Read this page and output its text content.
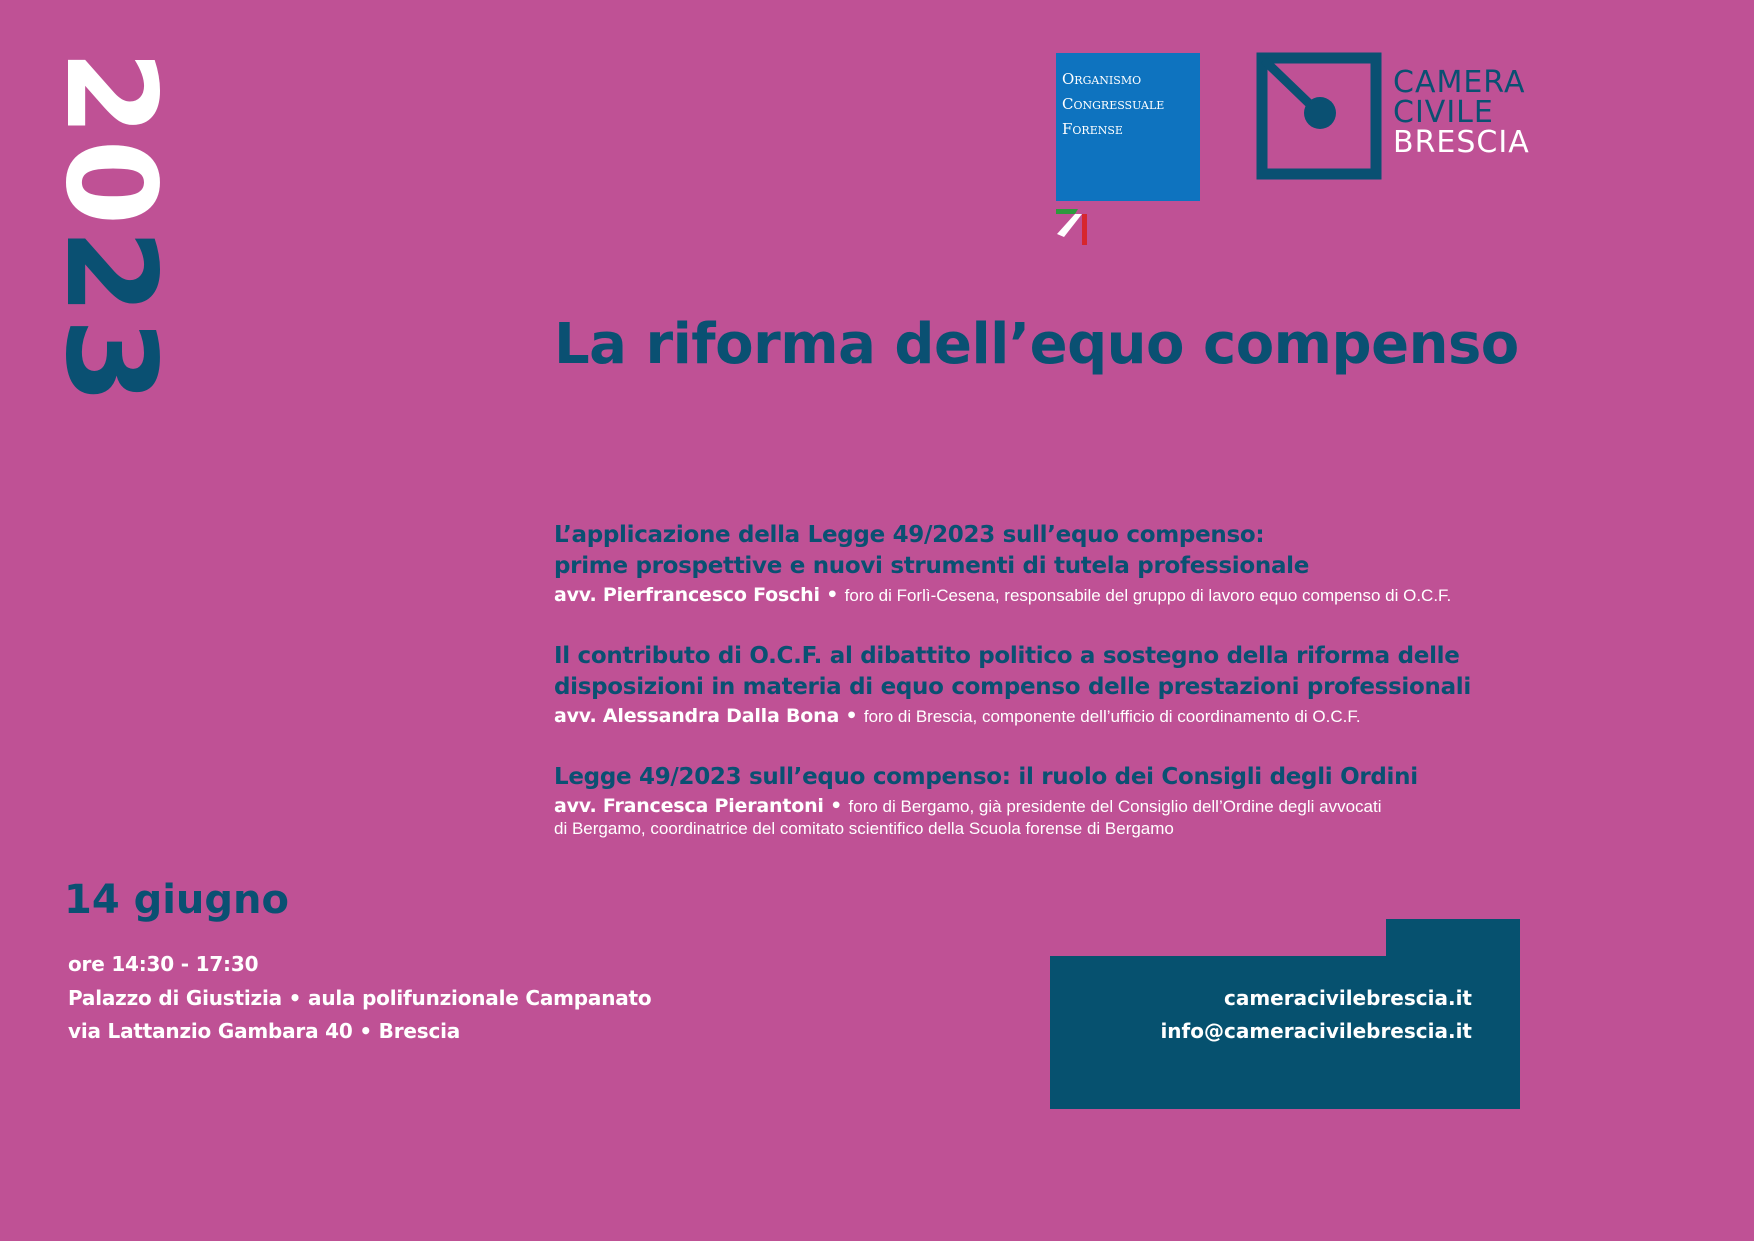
2023
Organismo
Congressuale
Forense
CAMERA
CIVILE
BRESCIA
La riforma dell’equo compenso
L’applicazione della Legge 49/2023 sull’equo compenso:
prime prospettive e nuovi strumenti di tutela professionale
avv. Pierfrancesco Foschi • foro di Forlì-Cesena, responsabile del gruppo di lavoro equo compenso di O.C.F.
Il contributo di O.C.F. al dibattito politico a sostegno della riforma delle
disposizioni in materia di equo compenso delle prestazioni professionali
avv. Alessandra Dalla Bona • foro di Brescia, componente dell’ufficio di coordinamento di O.C.F.
Legge 49/2023 sull’equo compenso: il ruolo dei Consigli degli Ordini
avv. Francesca Pierantoni • foro di Bergamo, già presidente del Consiglio dell’Ordine degli avvocati
di Bergamo, coordinatrice del comitato scientifico della Scuola forense di Bergamo
14 giugno
ore 14:30 - 17:30
Palazzo di Giustizia • aula polifunzionale Campanato
via Lattanzio Gambara 40 • Brescia
cameracivilebrescia.it
info@cameracivilebrescia.it
